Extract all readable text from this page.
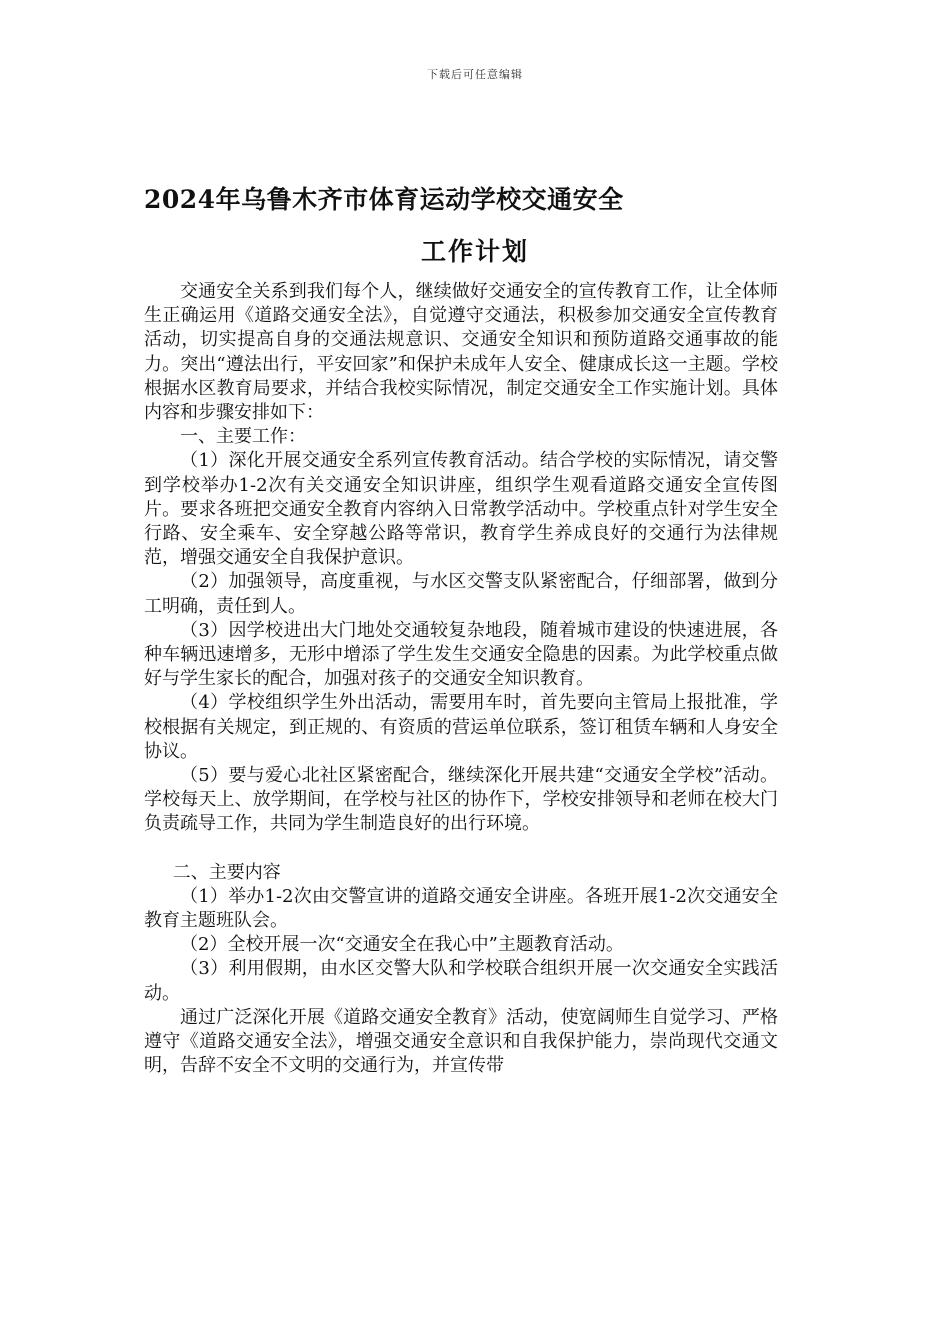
下载后可任意编辑
2024年乌鲁木齐市体育运动学校交通安全
工作计划

交通安全关系到我们每个人，继续做好交通安全的宣传教育工作，让全体师生正确运用《道路交通安全法》，自觉遵守交通法，积极参加交通安全宣传教育活动，切实提高自身的交通法规意识、交通安全知识和预防道路交通事故的能力。突出“遵法出行，平安回家”和保护未成年人安全、健康成长这一主题。学校根据水区教育局要求，并结合我校实际情况，制定交通安全工作实施计划。具体内容和步骤安排如下：

一、主要工作：

（1）深化开展交通安全系列宣传教育活动。结合学校的实际情况，请交警到学校举办1-2次有关交通安全知识讲座，组织学生观看道路交通安全宣传图片。要求各班把交通安全教育内容纳入日常教学活动中。学校重点针对学生安全行路、安全乘车、安全穿越公路等常识，教育学生养成良好的交通行为法律规范，增强交通安全自我保护意识。

（2）加强领导，高度重视，与水区交警支队紧密配合，仔细部署，做到分工明确，责任到人。

（3）因学校进出大门地处交通较复杂地段，随着城市建设的快速进展，各种车辆迅速增多，无形中增添了学生发生交通安全隐患的因素。为此学校重点做好与学生家长的配合，加强对孩子的交通安全知识教育。

（4）学校组织学生外出活动，需要用车时，首先要向主管局上报批准，学校根据有关规定，到正规的、有资质的营运单位联系，签订租赁车辆和人身安全协议。

（5）要与爱心北社区紧密配合，继续深化开展共建“交通安全学校”活动。学校每天上、放学期间，在学校与社区的协作下，学校安排领导和老师在校大门负责疏导工作，共同为学生制造良好的出行环境。

二、主要内容

（1）举办1-2次由交警宣讲的道路交通安全讲座。各班开展1-2次交通安全教育主题班队会。

（2）全校开展一次“交通安全在我心中”主题教育活动。

（3）利用假期，由水区交警大队和学校联合组织开展一次交通安全实践活动。

通过广泛深化开展《道路交通安全教育》活动，使宽阔师生自觉学习、严格遵守《道路交通安全法》，增强交通安全意识和自我保护能力，崇尚现代交通文明，告辞不安全不文明的交通行为，并宣传带
